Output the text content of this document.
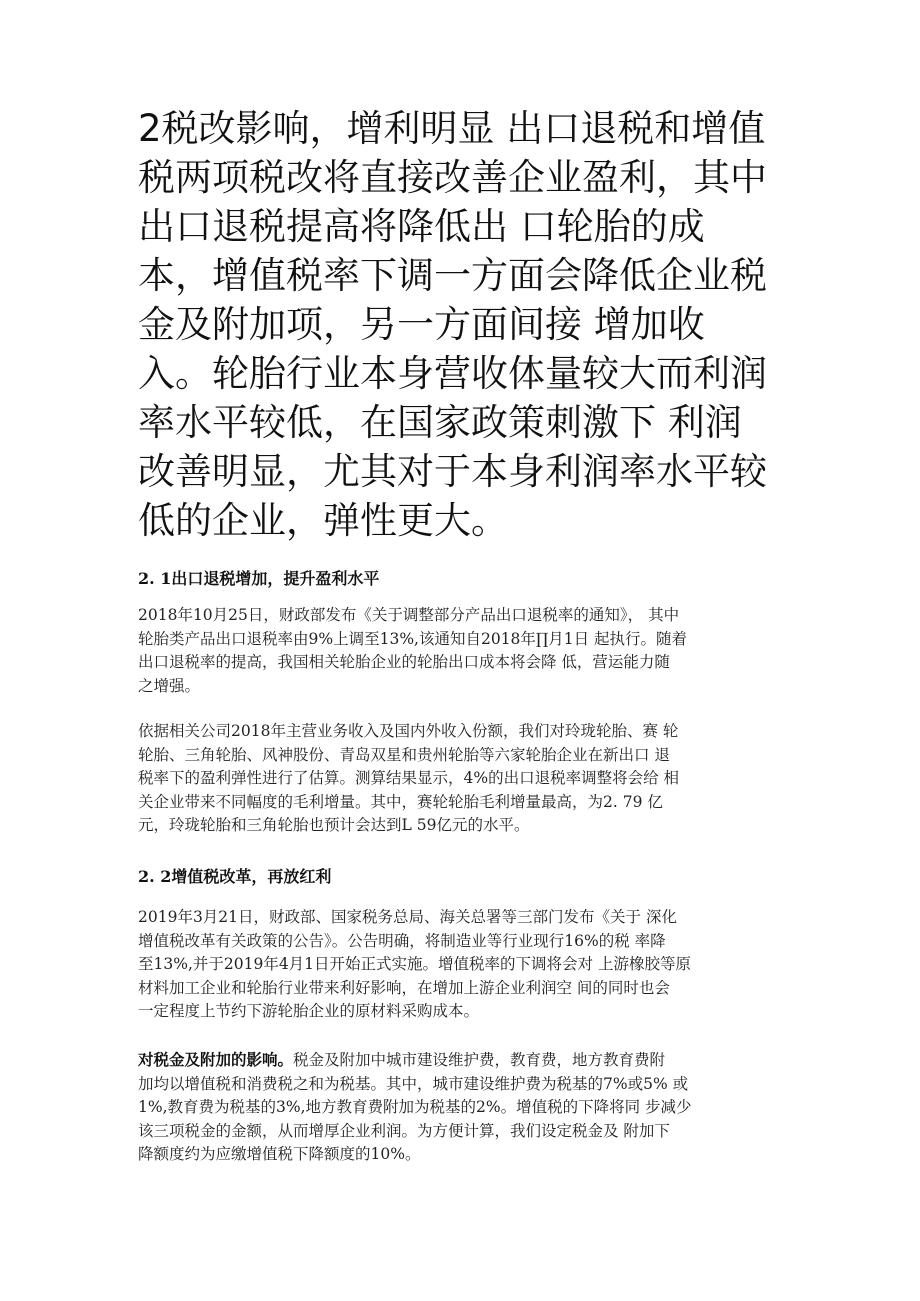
2税改影响，增利明显 出口退税和增值
税两项税改将直接改善企业盈利，其中
出口退税提高将降低出 口轮胎的成
本，增值税率下调一方面会降低企业税
金及附加项，另一方面间接 增加收
入。轮胎行业本身营收体量较大而利润
率水平较低，在国家政策刺激下 利润
改善明显，尤其对于本身利润率水平较
低的企业，弹性更大。
2. 1出口退税增加，提升盈利水平

2018年10月25日，财政部发布《关于调整部分产品出口退税率的通知》， 其中
轮胎类产品出口退税率由9%上调至13%,该通知自2018年∏月1日 起执行。随着
出口退税率的提高，我国相关轮胎企业的轮胎出口成本将会降 低，营运能力随
之增强。

依据相关公司2018年主营业务收入及国内外收入份额，我们对玲珑轮胎、赛 轮
轮胎、三角轮胎、风神股份、青岛双星和贵州轮胎等六家轮胎企业在新出口 退
税率下的盈利弹性进行了估算。测算结果显示，4%的出口退税率调整将会给 相
关企业带来不同幅度的毛利增量。其中，赛轮轮胎毛利增量最高，为2. 79 亿
元，玲珑轮胎和三角轮胎也预计会达到L 59亿元的水平。

2. 2增值税改革，再放红利

2019年3月21日，财政部、国家税务总局、海关总署等三部门发布《关于 深化
增值税改革有关政策的公告》。公告明确，将制造业等行业现行16%的税 率降
至13%,并于2019年4月1日开始正式实施。增值税率的下调将会对 上游橡胶等原
材料加工企业和轮胎行业带来利好影响，在增加上游企业利润空 间的同时也会
一定程度上节约下游轮胎企业的原材料采购成本。

对税金及附加的影响。税金及附加中城市建设维护费，教育费，地方教育费附
加均以增值税和消费税之和为税基。其中，城市建设维护费为税基的7%或5% 或
1%,教育费为税基的3%,地方教育费附加为税基的2%。增值税的下降将同 步减少
该三项税金的金额，从而增厚企业利润。为方便计算，我们设定税金及 附加下
降额度约为应缴增值税下降额度的10%。
